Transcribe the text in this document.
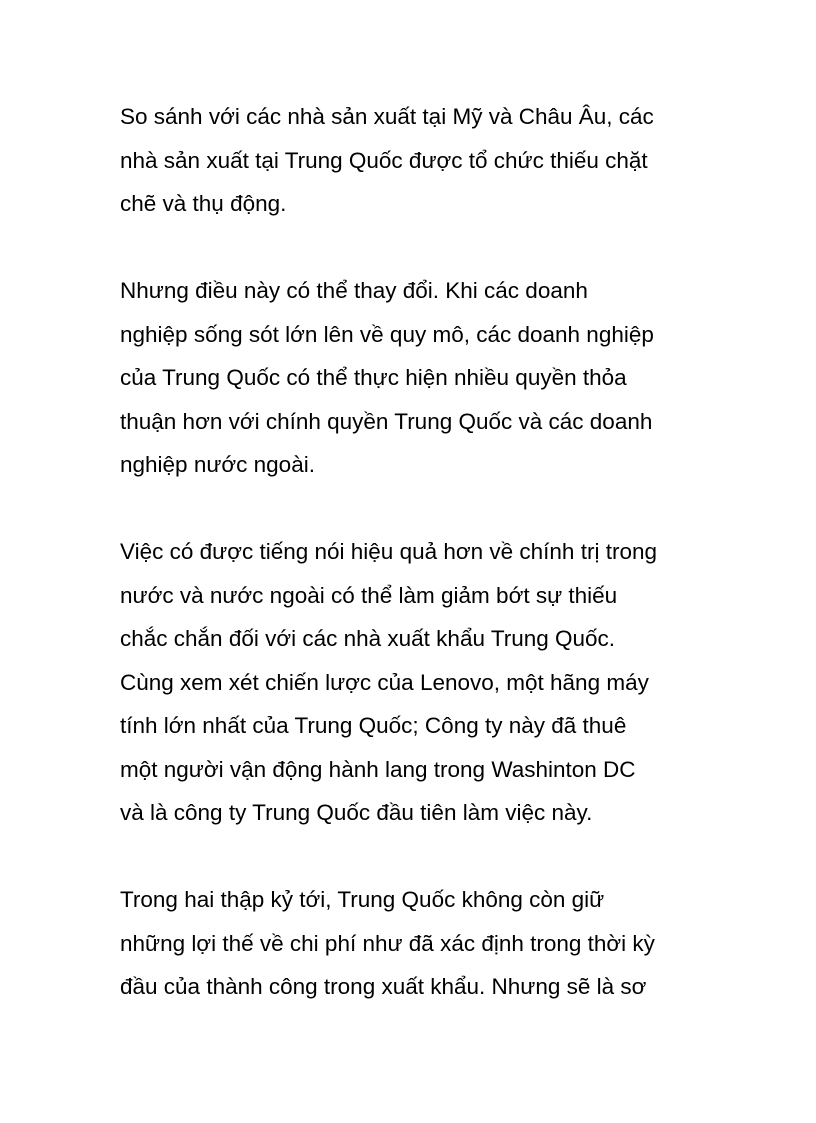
So sánh với các nhà sản xuất tại Mỹ và Châu Âu, các
nhà sản xuất tại Trung Quốc được tổ chức thiếu chặt
chẽ và thụ động.

Nhưng điều này có thể thay đổi. Khi các doanh
nghiệp sống sót lớn lên về quy mô, các doanh nghiệp
của Trung Quốc có thể thực hiện nhiều quyền thỏa
thuận hơn với chính quyền Trung Quốc và các doanh
nghiệp nước ngoài.

Việc có được tiếng nói hiệu quả hơn về chính trị trong
nước và nước ngoài có thể làm giảm bớt sự thiếu
chắc chắn đối với các nhà xuất khẩu Trung Quốc.
Cùng xem xét chiến lược của Lenovo, một hãng máy
tính lớn nhất của Trung Quốc; Công ty này đã thuê
một người vận động hành lang trong Washinton DC
và là công ty Trung Quốc đầu tiên làm việc này.

Trong hai thập kỷ tới, Trung Quốc không còn giữ
những lợi thế về chi phí như đã xác định trong thời kỳ
đầu của thành công trong xuất khẩu. Nhưng sẽ là sơ
